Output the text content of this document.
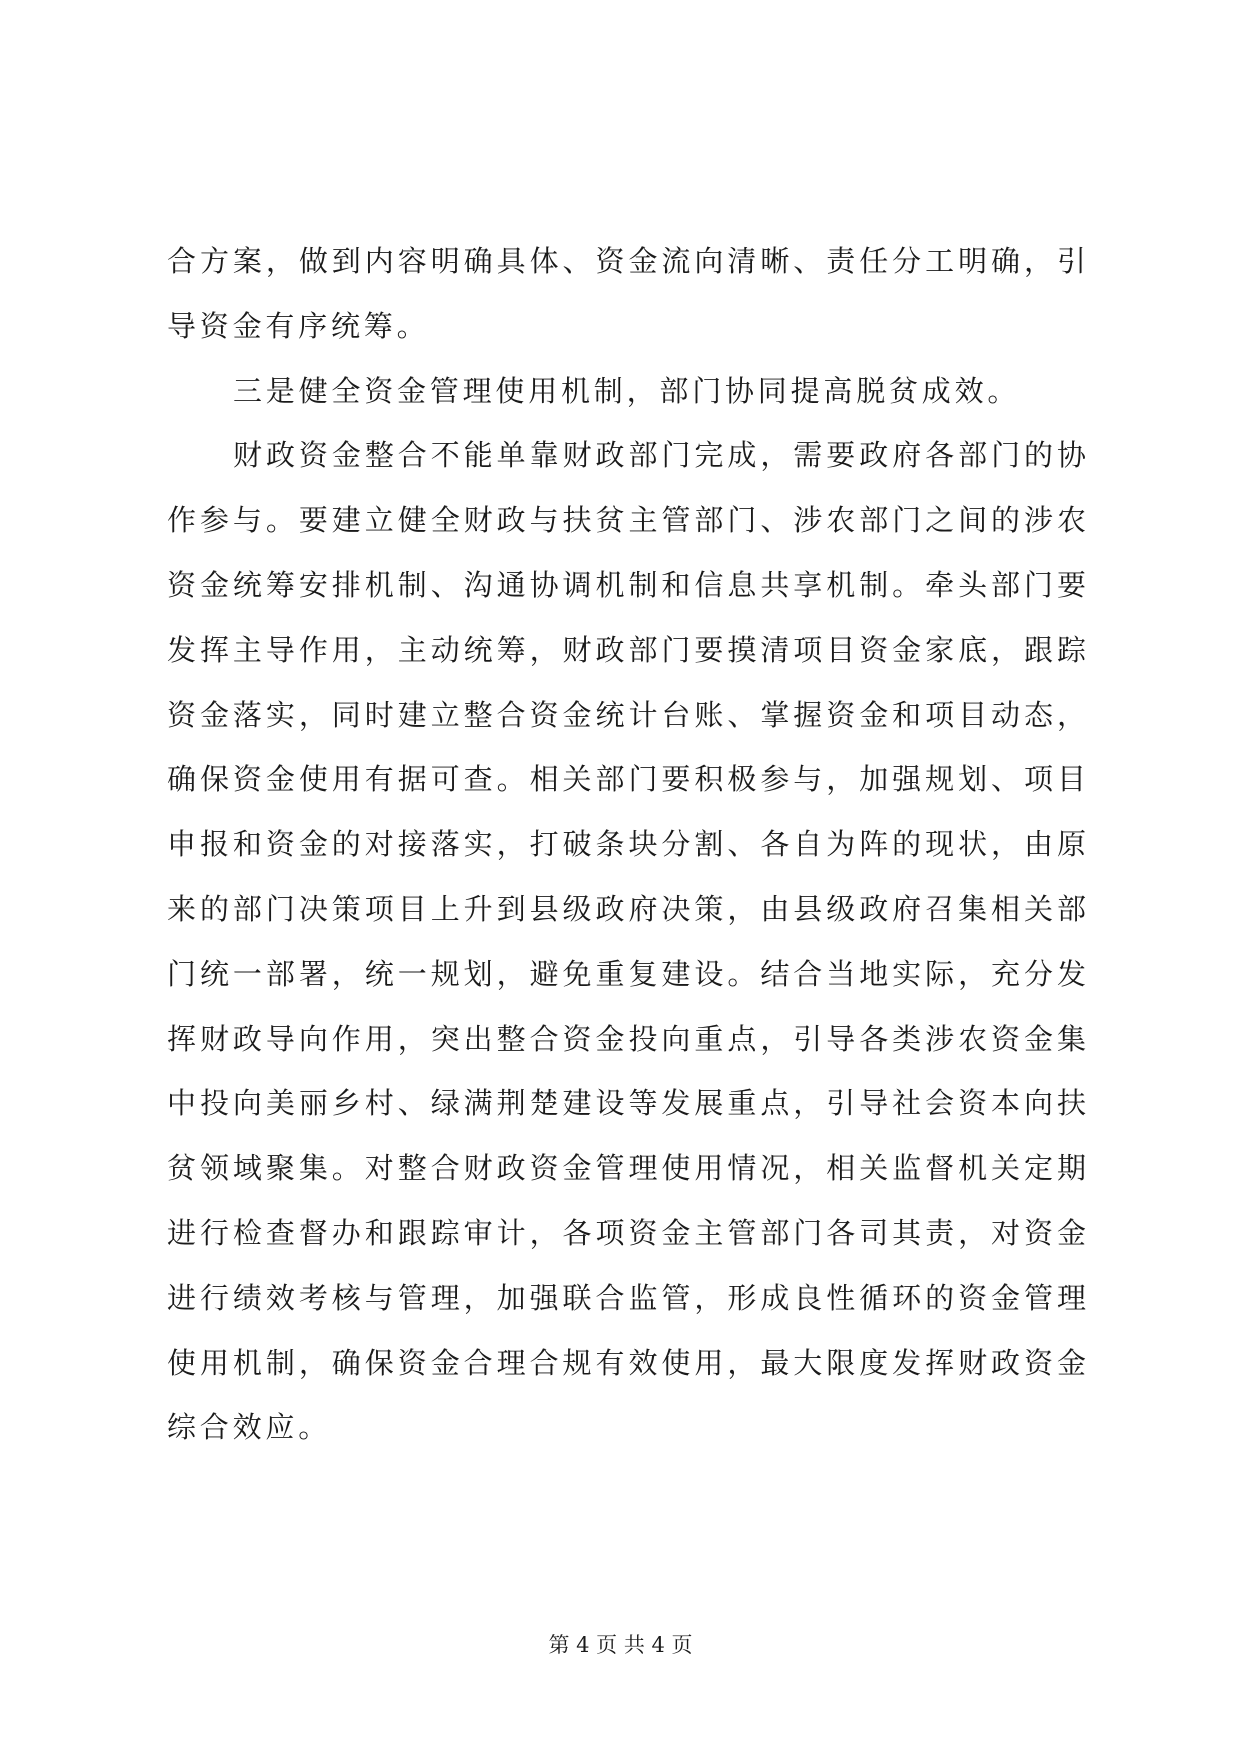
合方案，做到内容明确具体、资金流向清晰、责任分工明确，引
导资金有序统筹。
三是健全资金管理使用机制，部门协同提高脱贫成效。
财政资金整合不能单靠财政部门完成，需要政府各部门的协
作参与。要建立健全财政与扶贫主管部门、涉农部门之间的涉农
资金统筹安排机制、沟通协调机制和信息共享机制。牵头部门要
发挥主导作用，主动统筹，财政部门要摸清项目资金家底，跟踪
资金落实，同时建立整合资金统计台账、掌握资金和项目动态，
确保资金使用有据可查。相关部门要积极参与，加强规划、项目
申报和资金的对接落实，打破条块分割、各自为阵的现状，由原
来的部门决策项目上升到县级政府决策，由县级政府召集相关部
门统一部署，统一规划，避免重复建设。结合当地实际，充分发
挥财政导向作用，突出整合资金投向重点，引导各类涉农资金集
中投向美丽乡村、绿满荆楚建设等发展重点，引导社会资本向扶
贫领域聚集。对整合财政资金管理使用情况，相关监督机关定期
进行检查督办和跟踪审计，各项资金主管部门各司其责，对资金
进行绩效考核与管理，加强联合监管，形成良性循环的资金管理
使用机制，确保资金合理合规有效使用，最大限度发挥财政资金
综合效应。
第 4 页 共 4 页
